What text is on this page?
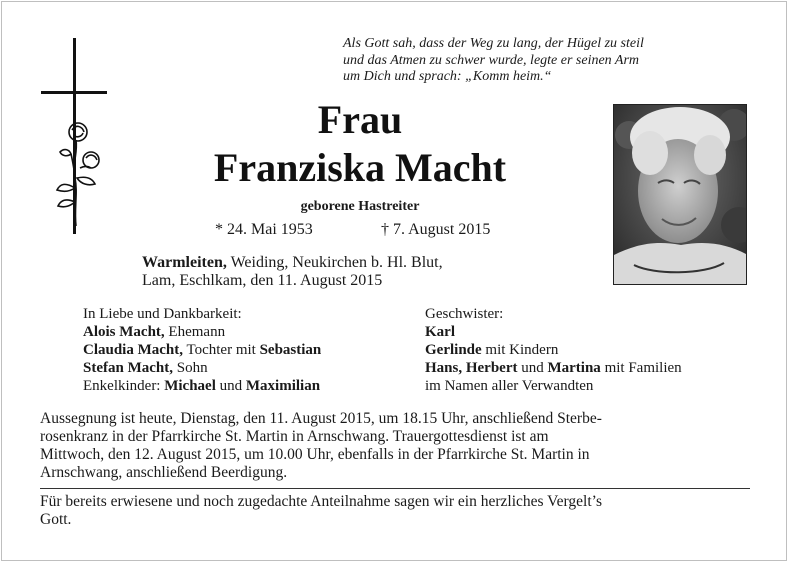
Als Gott sah, dass der Weg zu lang, der Hügel zu steil
und das Atmen zu schwer wurde, legte er seinen Arm
um Dich und sprach: „Komm heim.“
Frau
Franziska Macht
geborene Hastreiter
* 24. Mai 1953	† 7. August 2015
Warmleiten, Weiding, Neukirchen b. Hl. Blut,
Lam, Eschlkam, den 11. August 2015
In Liebe und Dankbarkeit:
Alois Macht, Ehemann
Claudia Macht, Tochter mit Sebastian
Stefan Macht, Sohn
Enkelkinder: Michael und Maximilian
Geschwister:
Karl
Gerlinde mit Kindern
Hans, Herbert und Martina mit Familien
im Namen aller Verwandten
Aussegnung ist heute, Dienstag, den 11. August 2015, um 18.15 Uhr, anschließend Sterbe-
rosenkranz in der Pfarrkirche St. Martin in Arnschwang. Trauergottesdienst ist am
Mittwoch, den 12. August 2015, um 10.00 Uhr, ebenfalls in der Pfarrkirche St. Martin in
Arnschwang, anschließend Beerdigung.
Für bereits erwiesene und noch zugedachte Anteilnahme sagen wir ein herzliches Vergelt’s
Gott.
